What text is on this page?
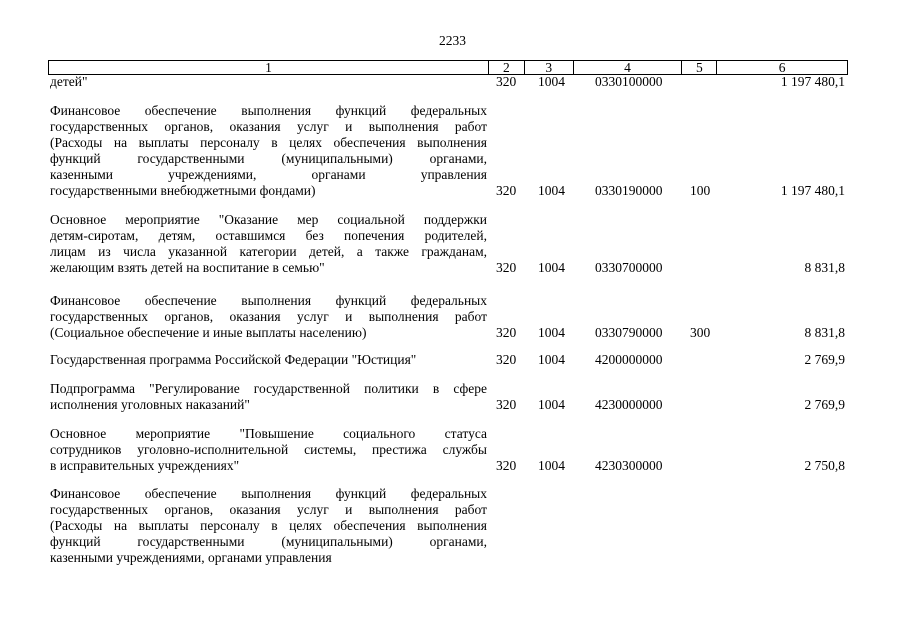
2233
1	2	3	4	5	6
детей"	320 1004 0330100000	1 197 480,1
Финансовое обеспечение выполнения функций федеральных
государственных органов, оказания услуг и выполнения работ
(Расходы на выплаты персоналу в целях обеспечения выполнения
функций государственными (муниципальными) органами,
казенными учреждениями, органами управления
государственными внебюджетными фондами)	320 1004 0330190000 100	1 197 480,1
Основное мероприятие "Оказание мер социальной поддержки
детям-сиротам, детям, оставшимся без попечения родителей,
лицам из числа указанной категории детей, а также гражданам,
желающим взять детей на воспитание в семью"	320 1004 0330700000	8 831,8
Финансовое обеспечение выполнения функций федеральных
государственных органов, оказания услуг и выполнения работ
(Социальное обеспечение и иные выплаты населению)	320 1004 0330790000 300	8 831,8
Государственная программа Российской Федерации "Юстиция"	320 1004 4200000000	2 769,9
Подпрограмма "Регулирование государственной политики в сфере
исполнения уголовных наказаний"	320 1004 4230000000	2 769,9
Основное мероприятие "Повышение социального статуса
сотрудников уголовно-исполнительной системы, престижа службы
в исправительных учреждениях"	320 1004 4230300000	2 750,8
Финансовое обеспечение выполнения функций федеральных
государственных органов, оказания услуг и выполнения работ
(Расходы на выплаты персоналу в целях обеспечения выполнения
функций государственными (муниципальными) органами,
казенными учреждениями, органами управления
